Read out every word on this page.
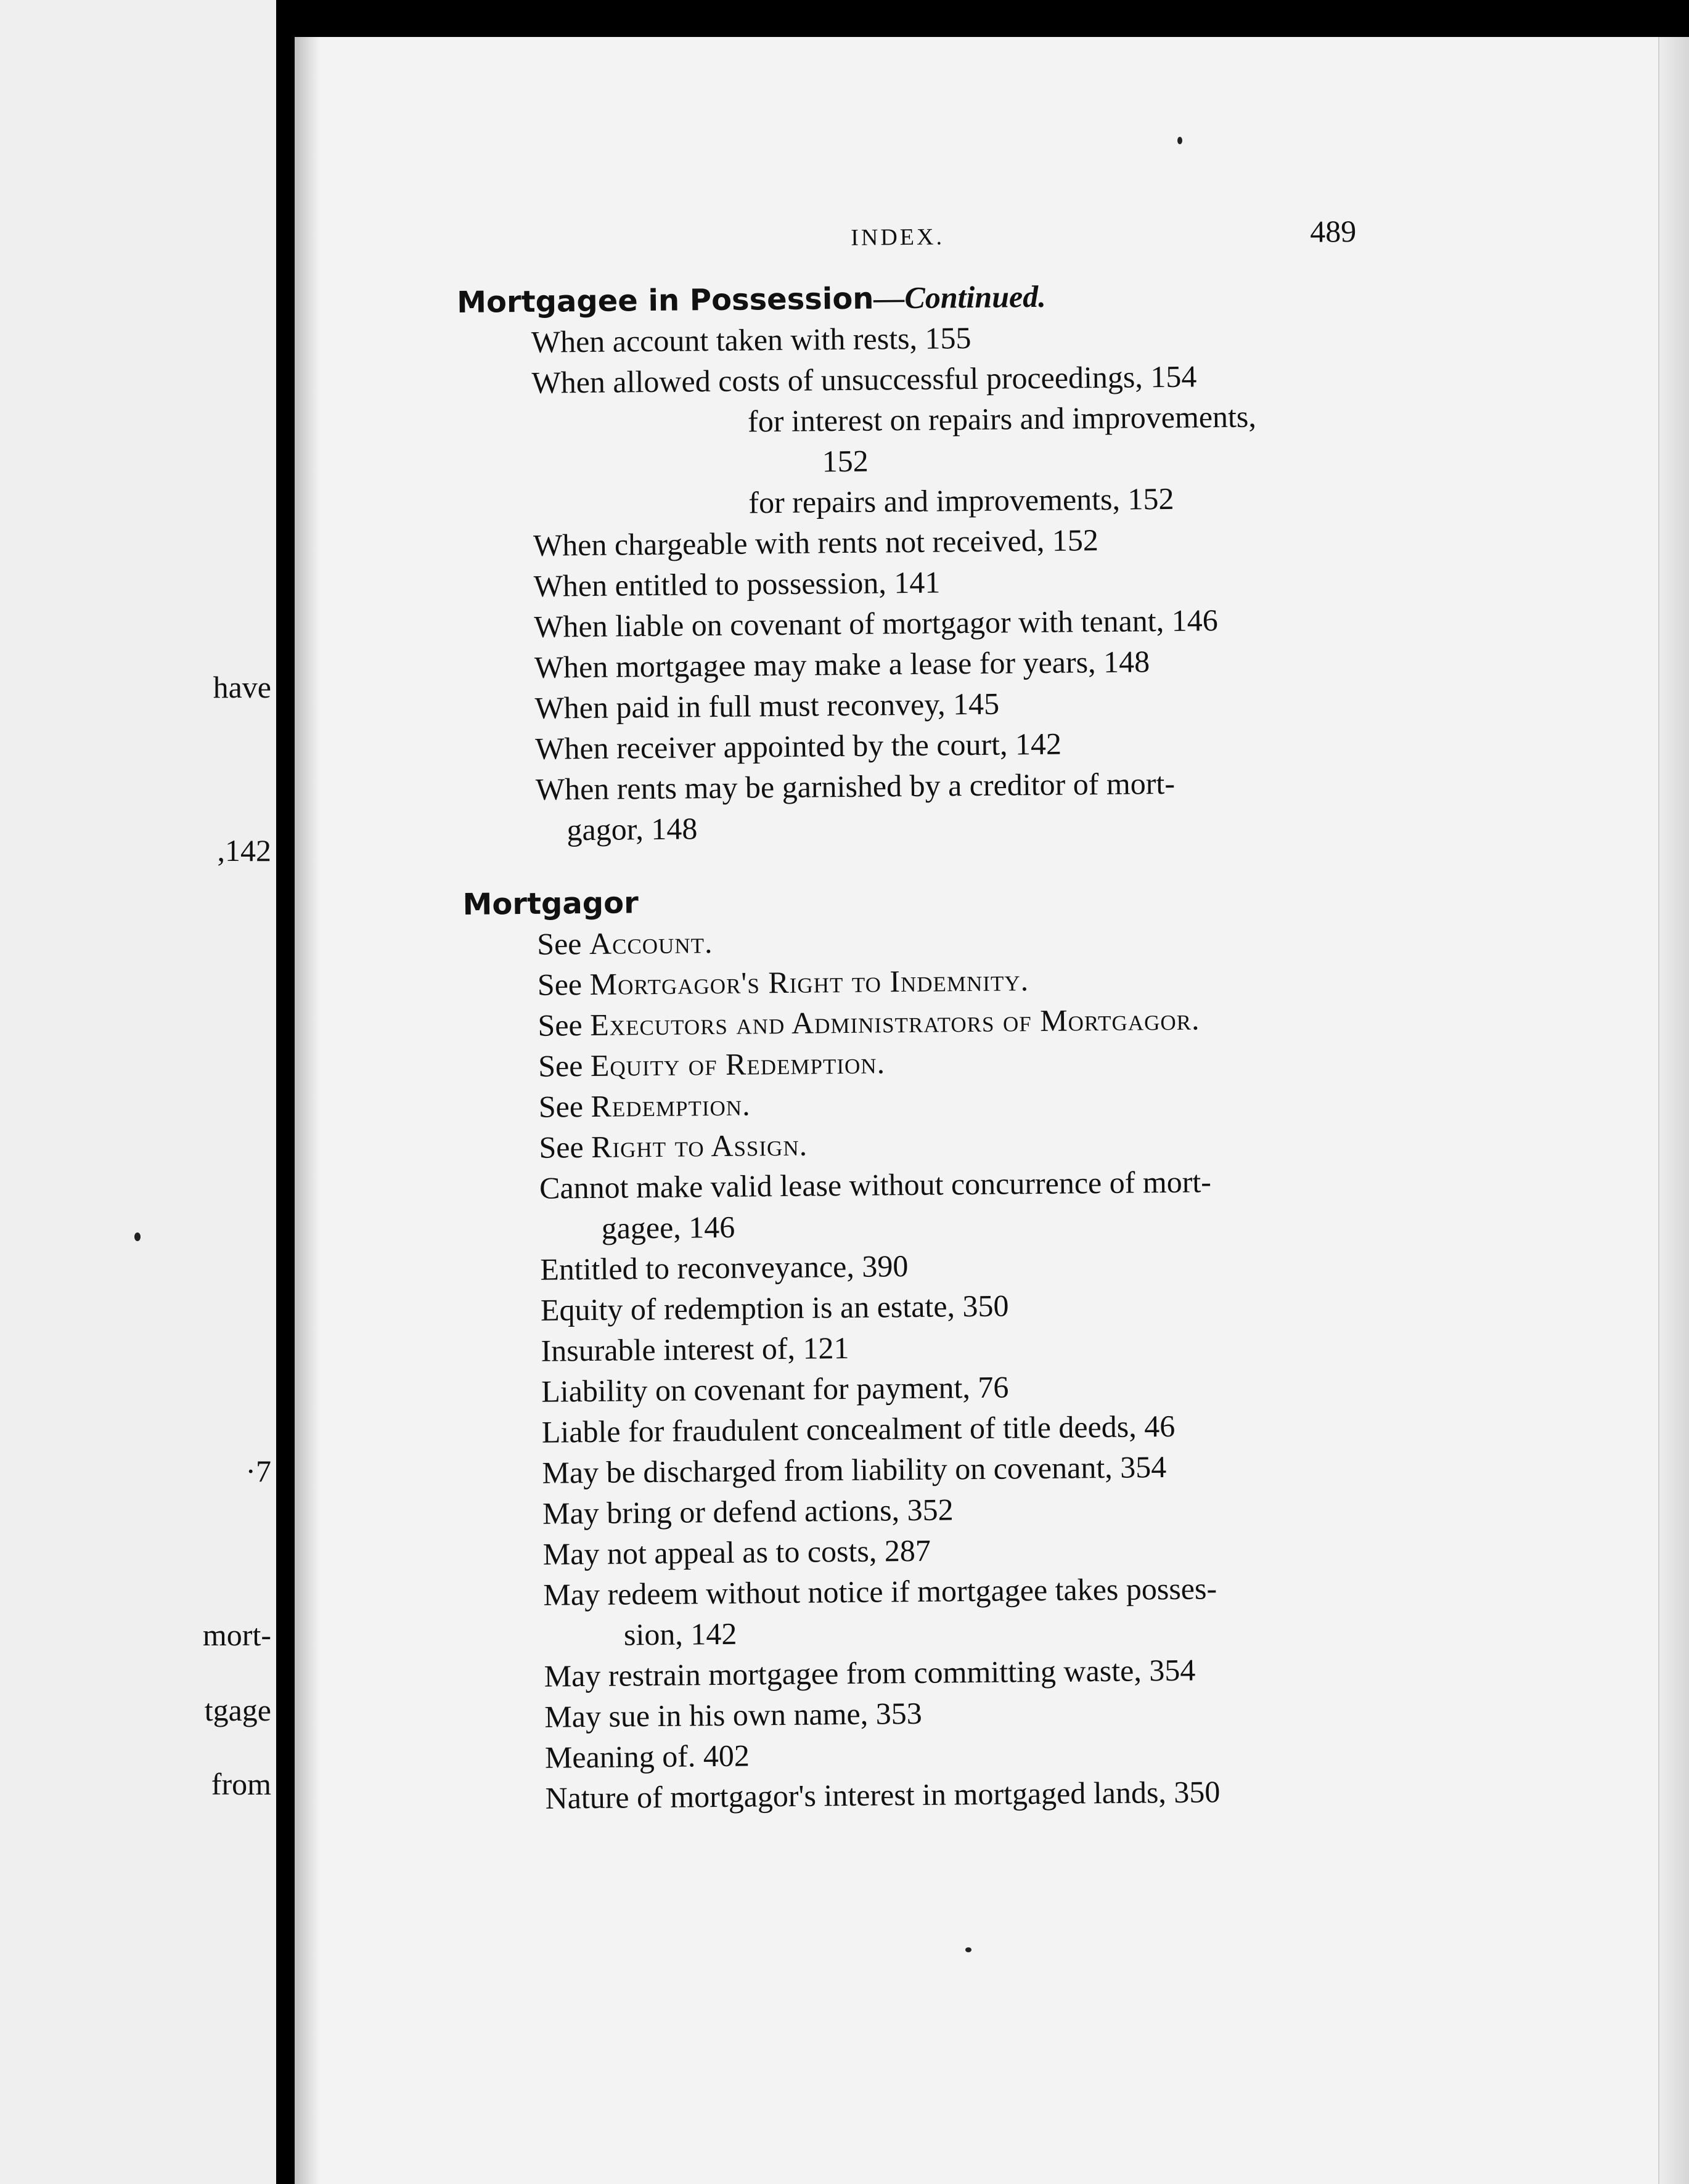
have
,142
·7
mort-
tgage
from
INDEX.	489
Mortgagee in Possession—Continued.
When account taken with rests, 155
When allowed costs of unsuccessful proceedings, 154
for interest on repairs and improvements,
152
for repairs and improvements, 152
When chargeable with rents not received, 152
When entitled to possession, 141
When liable on covenant of mortgagor with tenant, 146
When mortgagee may make a lease for years, 148
When paid in full must reconvey, 145
When receiver appointed by the court, 142
When rents may be garnished by a creditor of mort-
gagor, 148
Mortgagor
See Account.
See Mortgagor's Right to Indemnity.
See Executors and Administrators of Mortgagor.
See Equity of Redemption.
See Redemption.
See Right to Assign.
Cannot make valid lease without concurrence of mort-
gagee, 146
Entitled to reconveyance, 390
Equity of redemption is an estate, 350
Insurable interest of, 121
Liability on covenant for payment, 76
Liable for fraudulent concealment of title deeds, 46
May be discharged from liability on covenant, 354
May bring or defend actions, 352
May not appeal as to costs, 287
May redeem without notice if mortgagee takes posses-
sion, 142
May restrain mortgagee from committing waste, 354
May sue in his own name, 353
Meaning of. 402
Nature of mortgagor's interest in mortgaged lands, 350
